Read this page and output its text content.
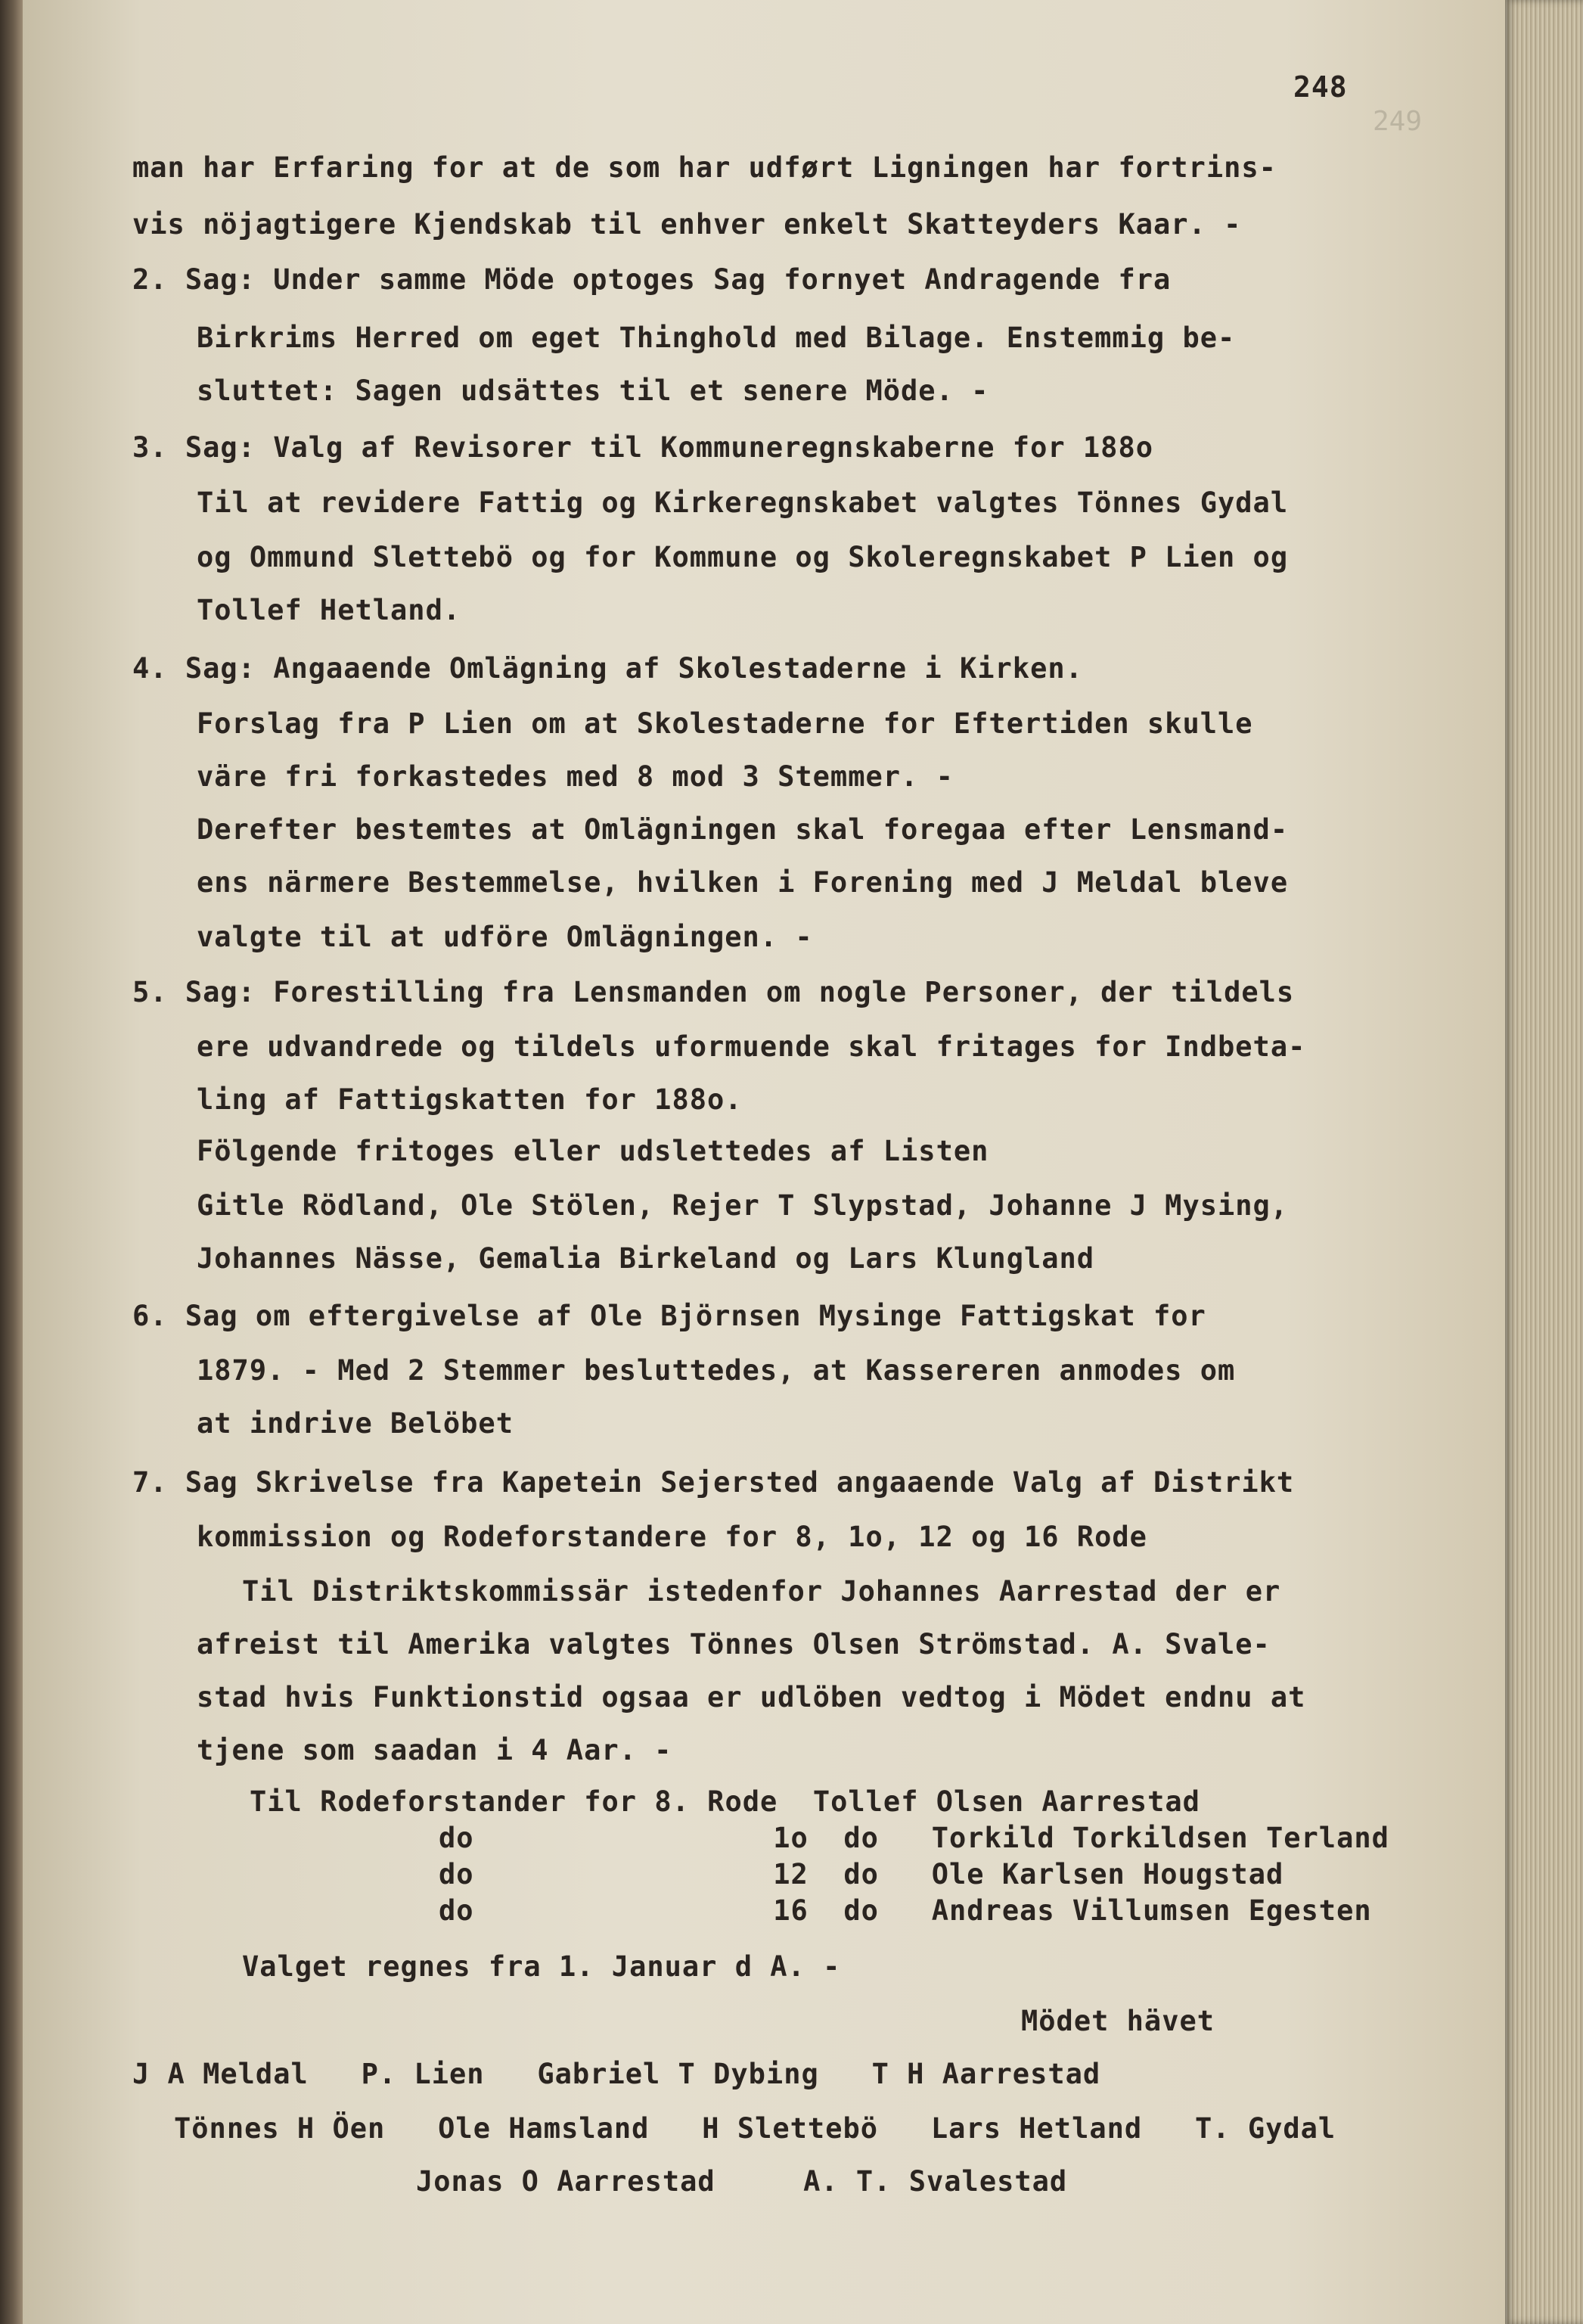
249
248
man har Erfaring for at de som har udført Ligningen har fortrins-
vis nöjagtigere Kjendskab til enhver enkelt Skatteyders Kaar. -
2. Sag: Under samme Möde optoges Sag fornyet Andragende fra
Birkrims Herred om eget Thinghold med Bilage. Enstemmig be-
sluttet: Sagen udsättes til et senere Möde. -
3. Sag: Valg af Revisorer til Kommuneregnskaberne for 188o
Til at revidere Fattig og Kirkeregnskabet valgtes Tönnes Gydal
og Ommund Slettebö og for Kommune og Skoleregnskabet P Lien og
Tollef Hetland.
4. Sag: Angaaende Omlägning af Skolestaderne i Kirken.
Forslag fra P Lien om at Skolestaderne for Eftertiden skulle
väre fri forkastedes med 8 mod 3 Stemmer. -
Derefter bestemtes at Omlägningen skal foregaa efter Lensmand-
ens närmere Bestemmelse, hvilken i Forening med J Meldal bleve
valgte til at udföre Omlägningen. -
5. Sag: Forestilling fra Lensmanden om nogle Personer, der tildels
ere udvandrede og tildels uformuende skal fritages for Indbeta-
ling af Fattigskatten for 188o.
Fölgende fritoges eller udslettedes af Listen
Gitle Rödland, Ole Stölen, Rejer T Slypstad, Johanne J Mysing,
Johannes Nässe, Gemalia Birkeland og Lars Klungland
6. Sag om eftergivelse af Ole Björnsen Mysinge Fattigskat for
1879. - Med 2 Stemmer besluttedes, at Kassereren anmodes om
at indrive Belöbet
7. Sag Skrivelse fra Kapetein Sejersted angaaende Valg af Distrikt
kommission og Rodeforstandere for 8, 1o, 12 og 16 Rode
Til Distriktskommissär istedenfor Johannes Aarrestad der er
afreist til Amerika valgtes Tönnes Olsen Strömstad. A. Svale-
stad hvis Funktionstid ogsaa er udlöben vedtog i Mödet endnu at
tjene som saadan i 4 Aar. -
Til Rodeforstander for 8. Rode  Tollef Olsen Aarrestad
do                 1o  do   Torkild Torkildsen Terland
do                 12  do   Ole Karlsen Hougstad
do                 16  do   Andreas Villumsen Egesten
Valget regnes fra 1. Januar d A. -
Mödet hävet
J A Meldal   P. Lien   Gabriel T Dybing   T H Aarrestad
Tönnes H Öen   Ole Hamsland   H Slettebö   Lars Hetland   T. Gydal
Jonas O Aarrestad     A. T. Svalestad
